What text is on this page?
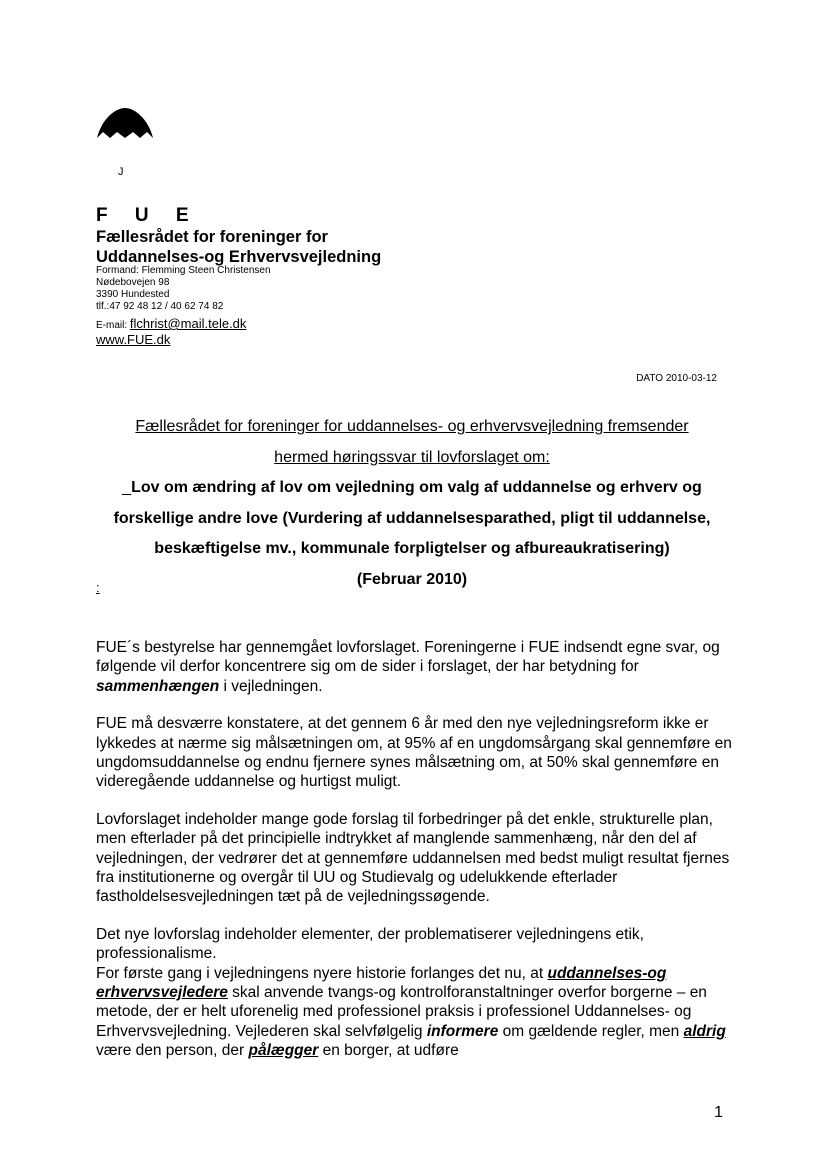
J
F U E
Fællesrådet for foreninger for
Uddannelses-og Erhvervsvejledning
Formand: Flemming Steen Christensen
Nødebovejen 98
3390 Hundested
tlf.:47 92 48 12 / 40 62 74 82
E-mail: flchrist@mail.tele.dk
www.FUE.dk
DATO 2010-03-12
Fællesrådet for foreninger for uddannelses- og erhvervsvejledning fremsender
hermed høringssvar til lovforslaget om:
_Lov om ændring af lov om vejledning om valg af uddannelse og erhverv og
forskellige andre love (Vurdering af uddannelsesparathed, pligt til uddannelse,
beskæftigelse mv., kommunale forpligtelser og afbureaukratisering)
(Februar 2010)
:

FUE´s bestyrelse har gennemgået lovforslaget. Foreningerne i FUE indsendt egne svar, og følgende vil derfor koncentrere sig om de sider i forslaget, der har betydning for sammenhængen i vejledningen.

FUE må desværre konstatere, at det gennem 6 år med den nye vejledningsreform ikke er lykkedes at nærme sig målsætningen om, at 95% af en ungdomsårgang skal gennemføre en ungdomsuddannelse og endnu fjernere synes målsætning om, at 50% skal gennemføre en videregående uddannelse og hurtigst muligt.

Lovforslaget indeholder mange gode forslag til forbedringer på det enkle, strukturelle plan, men efterlader på det principielle indtrykket af manglende sammenhæng, når den del af vejledningen, der vedrører det at gennemføre uddannelsen med bedst muligt resultat fjernes fra institutionerne og overgår til UU og Studievalg og udelukkende efterlader fastholdelsesvejledningen tæt på de vejledningssøgende.

Det nye lovforslag indeholder elementer, der problematiserer vejledningens etik, professionalisme.

For første gang i vejledningens nyere historie forlanges det nu, at uddannelses-og erhvervsvejledere skal anvende tvangs-og kontrolforanstaltninger overfor borgerne – en metode, der er helt uforenelig med professionel praksis i professionel Uddannelses- og Erhvervsvejledning. Vejlederen skal selvfølgelig informere om gældende regler, men aldrig være den person, der pålægger en borger, at udføre

1
